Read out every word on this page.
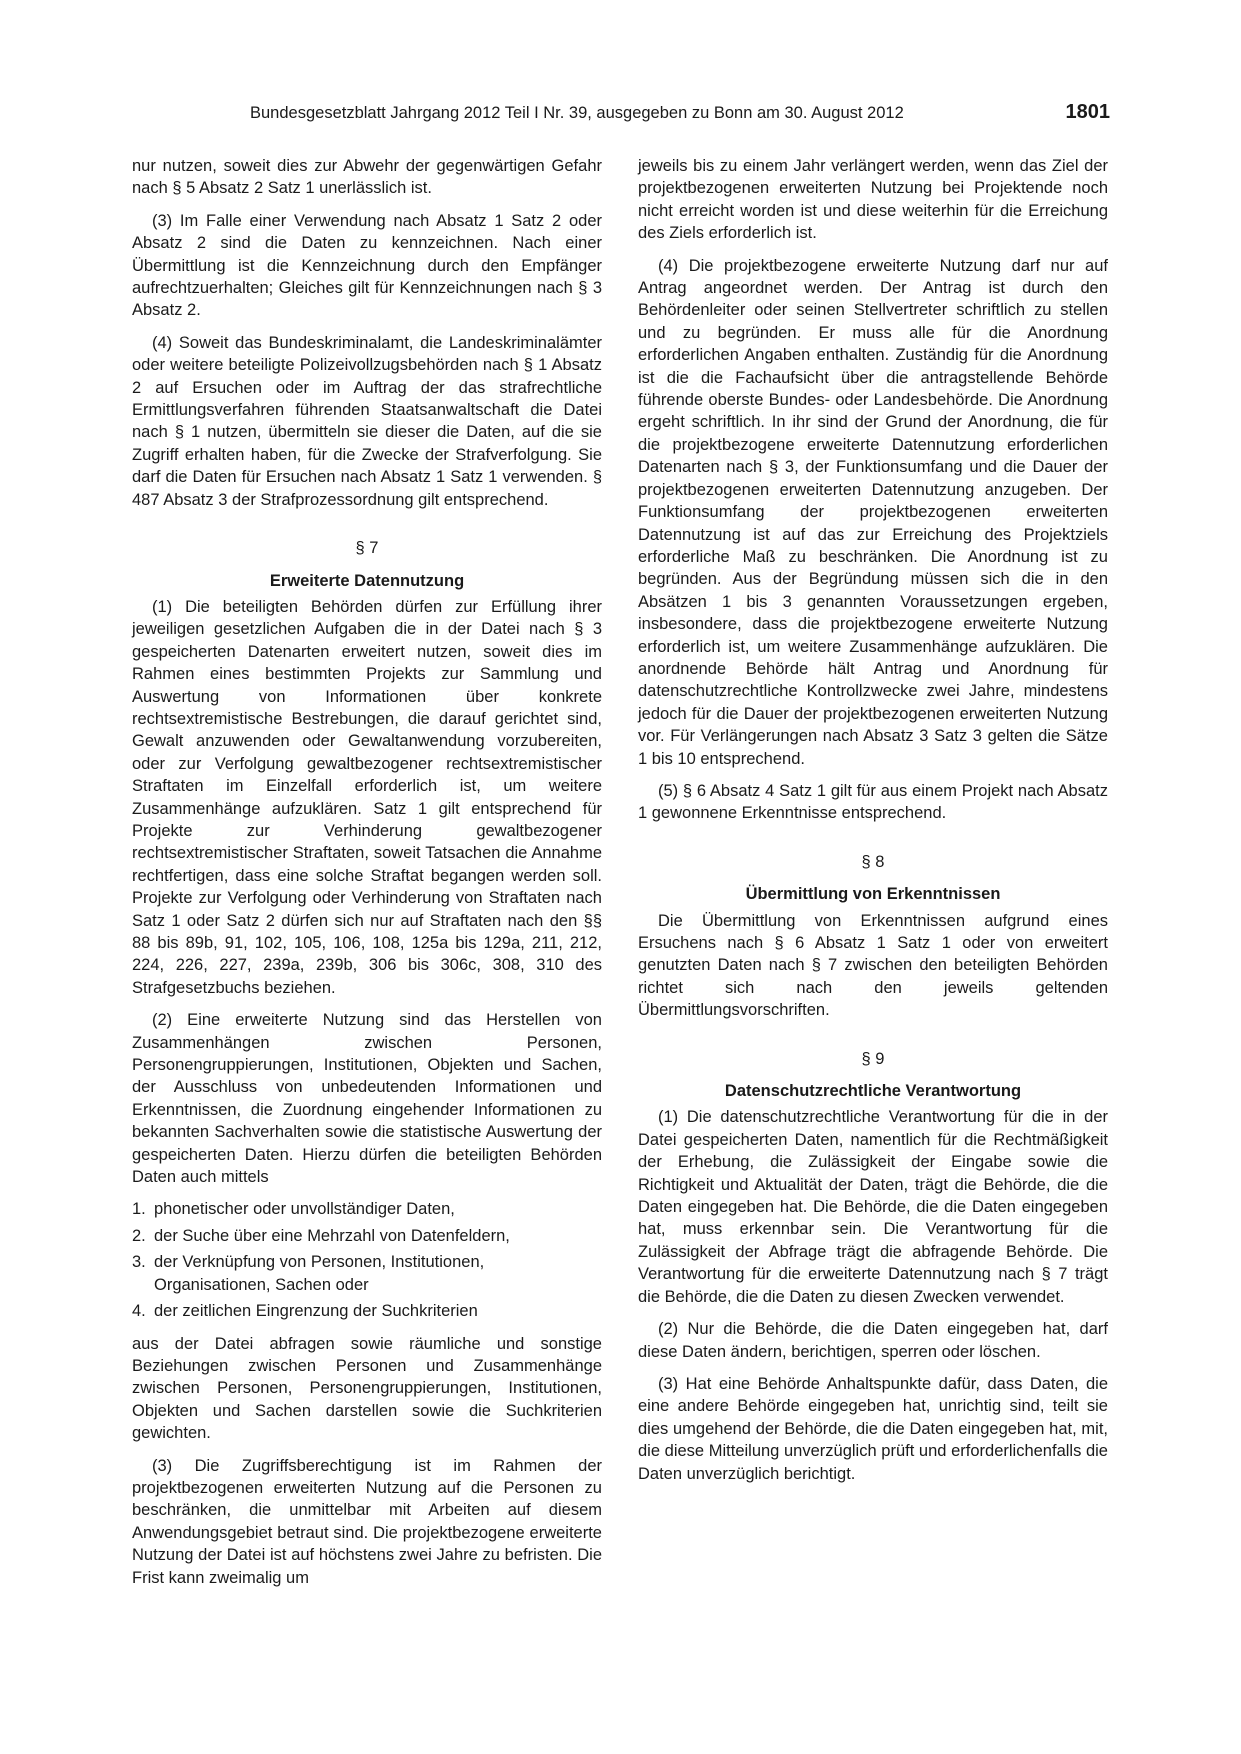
Bundesgesetzblatt Jahrgang 2012 Teil I Nr. 39, ausgegeben zu Bonn am 30. August 2012	1801

nur nutzen, soweit dies zur Abwehr der gegenwärtigen Gefahr nach § 5 Absatz 2 Satz 1 unerlässlich ist.

(3) Im Falle einer Verwendung nach Absatz 1 Satz 2 oder Absatz 2 sind die Daten zu kennzeichnen. Nach einer Übermittlung ist die Kennzeichnung durch den Empfänger aufrechtzuerhalten; Gleiches gilt für Kennzeichnungen nach § 3 Absatz 2.

(4) Soweit das Bundeskriminalamt, die Landeskriminalämter oder weitere beteiligte Polizeivollzugsbehörden nach § 1 Absatz 2 auf Ersuchen oder im Auftrag der das strafrechtliche Ermittlungsverfahren führenden Staatsanwaltschaft die Datei nach § 1 nutzen, übermitteln sie dieser die Daten, auf die sie Zugriff erhalten haben, für die Zwecke der Strafverfolgung. Sie darf die Daten für Ersuchen nach Absatz 1 Satz 1 verwenden. § 487 Absatz 3 der Strafprozessordnung gilt entsprechend.

§ 7
Erweiterte Datennutzung

(1) Die beteiligten Behörden dürfen zur Erfüllung ihrer jeweiligen gesetzlichen Aufgaben die in der Datei nach § 3 gespeicherten Datenarten erweitert nutzen, soweit dies im Rahmen eines bestimmten Projekts zur Sammlung und Auswertung von Informationen über konkrete rechtsextremistische Bestrebungen, die darauf gerichtet sind, Gewalt anzuwenden oder Gewaltanwendung vorzubereiten, oder zur Verfolgung gewaltbezogener rechtsextremistischer Straftaten im Einzelfall erforderlich ist, um weitere Zusammenhänge aufzuklären. Satz 1 gilt entsprechend für Projekte zur Verhinderung gewaltbezogener rechtsextremistischer Straftaten, soweit Tatsachen die Annahme rechtfertigen, dass eine solche Straftat begangen werden soll. Projekte zur Verfolgung oder Verhinderung von Straftaten nach Satz 1 oder Satz 2 dürfen sich nur auf Straftaten nach den §§ 88 bis 89b, 91, 102, 105, 106, 108, 125a bis 129a, 211, 212, 224, 226, 227, 239a, 239b, 306 bis 306c, 308, 310 des Strafgesetzbuchs beziehen.

(2) Eine erweiterte Nutzung sind das Herstellen von Zusammenhängen zwischen Personen, Personengruppierungen, Institutionen, Objekten und Sachen, der Ausschluss von unbedeutenden Informationen und Erkenntnissen, die Zuordnung eingehender Informationen zu bekannten Sachverhalten sowie die statistische Auswertung der gespeicherten Daten. Hierzu dürfen die beteiligten Behörden Daten auch mittels

1. phonetischer oder unvollständiger Daten,
2. der Suche über eine Mehrzahl von Datenfeldern,
3. der Verknüpfung von Personen, Institutionen, Organisationen, Sachen oder
4. der zeitlichen Eingrenzung der Suchkriterien

aus der Datei abfragen sowie räumliche und sonstige Beziehungen zwischen Personen und Zusammenhänge zwischen Personen, Personengruppierungen, Institutionen, Objekten und Sachen darstellen sowie die Suchkriterien gewichten.

(3) Die Zugriffsberechtigung ist im Rahmen der projektbezogenen erweiterten Nutzung auf die Personen zu beschränken, die unmittelbar mit Arbeiten auf diesem Anwendungsgebiet betraut sind. Die projektbezogene erweiterte Nutzung der Datei ist auf höchstens zwei Jahre zu befristen. Die Frist kann zweimalig um

jeweils bis zu einem Jahr verlängert werden, wenn das Ziel der projektbezogenen erweiterten Nutzung bei Projektende noch nicht erreicht worden ist und diese weiterhin für die Erreichung des Ziels erforderlich ist.

(4) Die projektbezogene erweiterte Nutzung darf nur auf Antrag angeordnet werden. Der Antrag ist durch den Behördenleiter oder seinen Stellvertreter schriftlich zu stellen und zu begründen. Er muss alle für die Anordnung erforderlichen Angaben enthalten. Zuständig für die Anordnung ist die die Fachaufsicht über die antragstellende Behörde führende oberste Bundes- oder Landesbehörde. Die Anordnung ergeht schriftlich. In ihr sind der Grund der Anordnung, die für die projektbezogene erweiterte Datennutzung erforderlichen Datenarten nach § 3, der Funktionsumfang und die Dauer der projektbezogenen erweiterten Datennutzung anzugeben. Der Funktionsumfang der projektbezogenen erweiterten Datennutzung ist auf das zur Erreichung des Projektziels erforderliche Maß zu beschränken. Die Anordnung ist zu begründen. Aus der Begründung müssen sich die in den Absätzen 1 bis 3 genannten Voraussetzungen ergeben, insbesondere, dass die projektbezogene erweiterte Nutzung erforderlich ist, um weitere Zusammenhänge aufzuklären. Die anordnende Behörde hält Antrag und Anordnung für datenschutzrechtliche Kontrollzwecke zwei Jahre, mindestens jedoch für die Dauer der projektbezogenen erweiterten Nutzung vor. Für Verlängerungen nach Absatz 3 Satz 3 gelten die Sätze 1 bis 10 entsprechend.

(5) § 6 Absatz 4 Satz 1 gilt für aus einem Projekt nach Absatz 1 gewonnene Erkenntnisse entsprechend.

§ 8
Übermittlung von Erkenntnissen

Die Übermittlung von Erkenntnissen aufgrund eines Ersuchens nach § 6 Absatz 1 Satz 1 oder von erweitert genutzten Daten nach § 7 zwischen den beteiligten Behörden richtet sich nach den jeweils geltenden Übermittlungsvorschriften.

§ 9
Datenschutzrechtliche Verantwortung

(1) Die datenschutzrechtliche Verantwortung für die in der Datei gespeicherten Daten, namentlich für die Rechtmäßigkeit der Erhebung, die Zulässigkeit der Eingabe sowie die Richtigkeit und Aktualität der Daten, trägt die Behörde, die die Daten eingegeben hat. Die Behörde, die die Daten eingegeben hat, muss erkennbar sein. Die Verantwortung für die Zulässigkeit der Abfrage trägt die abfragende Behörde. Die Verantwortung für die erweiterte Datennutzung nach § 7 trägt die Behörde, die die Daten zu diesen Zwecken verwendet.

(2) Nur die Behörde, die die Daten eingegeben hat, darf diese Daten ändern, berichtigen, sperren oder löschen.

(3) Hat eine Behörde Anhaltspunkte dafür, dass Daten, die eine andere Behörde eingegeben hat, unrichtig sind, teilt sie dies umgehend der Behörde, die die Daten eingegeben hat, mit, die diese Mitteilung unverzüglich prüft und erforderlichenfalls die Daten unverzüglich berichtigt.
